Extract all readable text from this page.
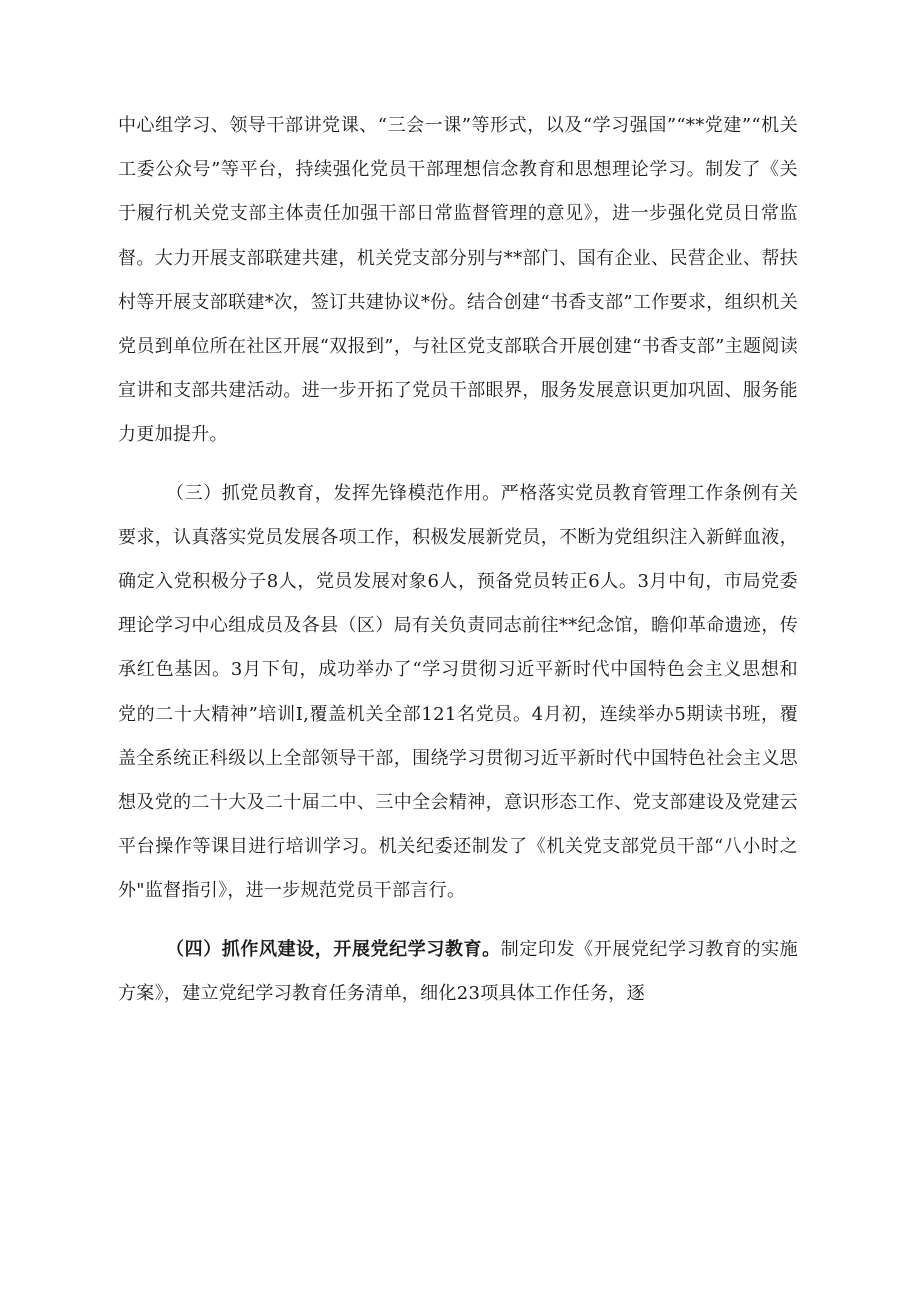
中心组学习、领导干部讲党课、“三会一课”等形式，以及“学习强国”“**党建”“机关工委公众号”等平台，持续强化党员干部理想信念教育和思想理论学习。制发了《关于履行机关党支部主体责任加强干部日常监督管理的意见》，进一步强化党员日常监督。大力开展支部联建共建，机关党支部分别与**部门、国有企业、民营企业、帮扶村等开展支部联建*次，签订共建协议*份。结合创建“书香支部”工作要求，组织机关党员到单位所在社区开展“双报到”，与社区党支部联合开展创建“书香支部”主题阅读宣讲和支部共建活动。进一步开拓了党员干部眼界，服务发展意识更加巩固、服务能力更加提升。

（三）抓党员教育，发挥先锋模范作用。严格落实党员教育管理工作条例有关要求，认真落实党员发展各项工作，积极发展新党员，不断为党组织注入新鲜血液，确定入党积极分子8人，党员发展对象6人，预备党员转正6人。3月中旬，市局党委理论学习中心组成员及各县（区）局有关负责同志前往**纪念馆，瞻仰革命遗迹，传承红色基因。3月下旬，成功举办了“学习贯彻习近平新时代中国特色会主义思想和党的二十大精神”培训I,覆盖机关全部121名党员。4月初，连续举办5期读书班，覆盖全系统正科级以上全部领导干部，围绕学习贯彻习近平新时代中国特色社会主义思想及党的二十大及二十届二中、三中全会精神，意识形态工作、党支部建设及党建云平台操作等课目进行培训学习。机关纪委还制发了《机关党支部党员干部“八小时之外"监督指引》，进一步规范党员干部言行。

（四）抓作风建设，开展党纪学习教育。制定印发《开展党纪学习教育的实施方案》，建立党纪学习教育任务清单，细化23项具体工作任务，逐
